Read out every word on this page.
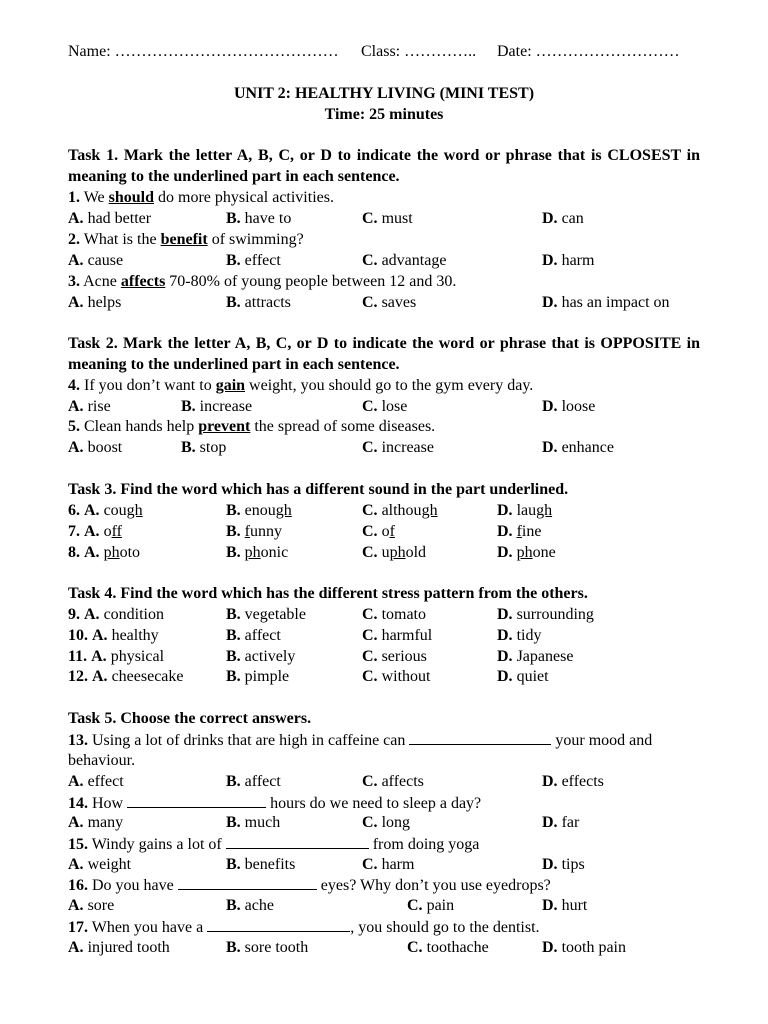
Name: …………………………………… Class: ………….. Date: ………………………
UNIT 2: HEALTHY LIVING (MINI TEST)
Time: 25 minutes
Task 1. Mark the letter A, B, C, or D to indicate the word or phrase that is CLOSEST in meaning to the underlined part in each sentence.
1. We should do more physical activities.
A. had better	B. have to	C. must	D. can
2. What is the benefit of swimming?
A. cause	B. effect	C. advantage	D. harm
3. Acne affects 70-80% of young people between 12 and 30.
A. helps	B. attracts	C. saves	D. has an impact on
Task 2. Mark the letter A, B, C, or D to indicate the word or phrase that is OPPOSITE in meaning to the underlined part in each sentence.
4. If you don’t want to gain weight, you should go to the gym every day.
A. rise	B. increase	C. lose	D. loose
5. Clean hands help prevent the spread of some diseases.
A. boost	B. stop	C. increase	D. enhance
Task 3. Find the word which has a different sound in the part underlined.
6. A. cough	B. enough	C. although	D. laugh
7. A. off	B. funny	C. of	D. fine
8. A. photo	B. phonic	C. uphold	D. phone
Task 4. Find the word which has the different stress pattern from the others.
9. A. condition	B. vegetable	C. tomato	D. surrounding
10. A. healthy	B. affect	C. harmful	D. tidy
11. A. physical	B. actively	C. serious	D. Japanese
12. A. cheesecake	B. pimple	C. without	D. quiet
Task 5. Choose the correct answers.
13. Using a lot of drinks that are high in caffeine can	your mood and
behaviour.
A. effect	B. affect	C. affects	D. effects
14. How	hours do we need to sleep a day?
A. many	B. much	C. long	D. far
15. Windy gains a lot of	from doing yoga
A. weight	B. benefits	C. harm	D. tips
16. Do you have	eyes? Why don’t you use eyedrops?
A. sore	B. ache	C. pain	D. hurt
17. When you have a	, you should go to the dentist.
A. injured tooth	B. sore tooth	C. toothache	D. tooth pain
